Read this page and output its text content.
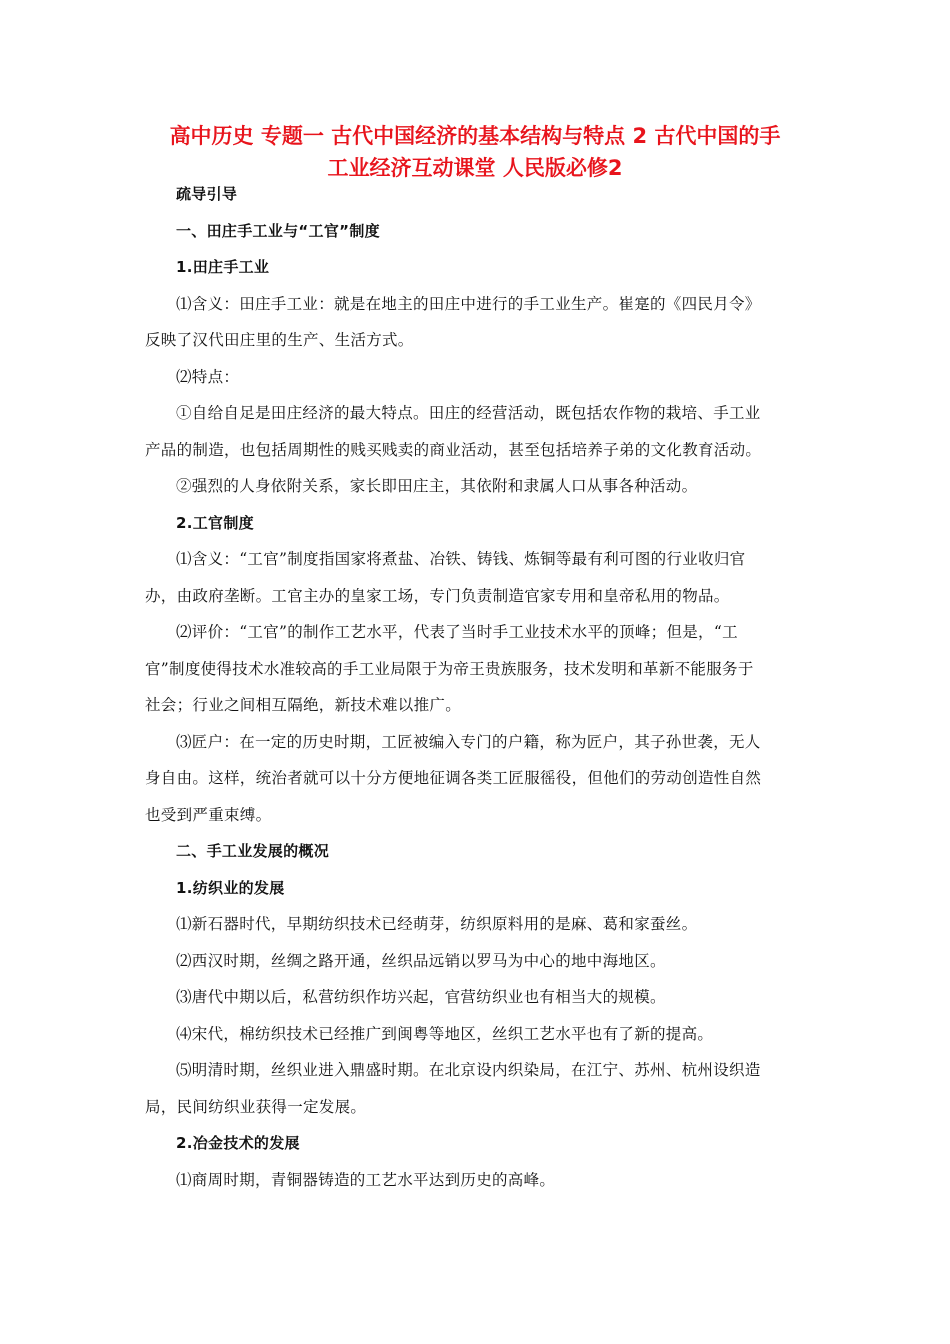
高中历史 专题一 古代中国经济的基本结构与特点 2 古代中国的手
工业经济互动课堂 人民版必修2
疏导引导
一、田庄手工业与“工官”制度
1.田庄手工业
⑴含义：田庄手工业：就是在地主的田庄中进行的手工业生产。崔寔的《四民月令》
反映了汉代田庄里的生产、生活方式。
⑵特点：
①自给自足是田庄经济的最大特点。田庄的经营活动，既包括农作物的栽培、手工业
产品的制造，也包括周期性的贱买贱卖的商业活动，甚至包括培养子弟的文化教育活动。
②强烈的人身依附关系，家长即田庄主，其依附和隶属人口从事各种活动。
2.工官制度
⑴含义：“工官”制度指国家将煮盐、冶铁、铸钱、炼铜等最有利可图的行业收归官
办，由政府垄断。工官主办的皇家工场，专门负责制造官家专用和皇帝私用的物品。
⑵评价：“工官”的制作工艺水平，代表了当时手工业技术水平的顶峰；但是，“工
官”制度使得技术水准较高的手工业局限于为帝王贵族服务，技术发明和革新不能服务于
社会；行业之间相互隔绝，新技术难以推广。
⑶匠户：在一定的历史时期，工匠被编入专门的户籍，称为匠户，其子孙世袭，无人
身自由。这样，统治者就可以十分方便地征调各类工匠服徭役，但他们的劳动创造性自然
也受到严重束缚。
二、手工业发展的概况
1.纺织业的发展
⑴新石器时代，早期纺织技术已经萌芽，纺织原料用的是麻、葛和家蚕丝。
⑵西汉时期，丝绸之路开通，丝织品远销以罗马为中心的地中海地区。
⑶唐代中期以后，私营纺织作坊兴起，官营纺织业也有相当大的规模。
⑷宋代，棉纺织技术已经推广到闽粤等地区，丝织工艺水平也有了新的提高。
⑸明清时期，丝织业进入鼎盛时期。在北京设内织染局，在江宁、苏州、杭州设织造
局，民间纺织业获得一定发展。
2.冶金技术的发展
⑴商周时期，青铜器铸造的工艺水平达到历史的高峰。
